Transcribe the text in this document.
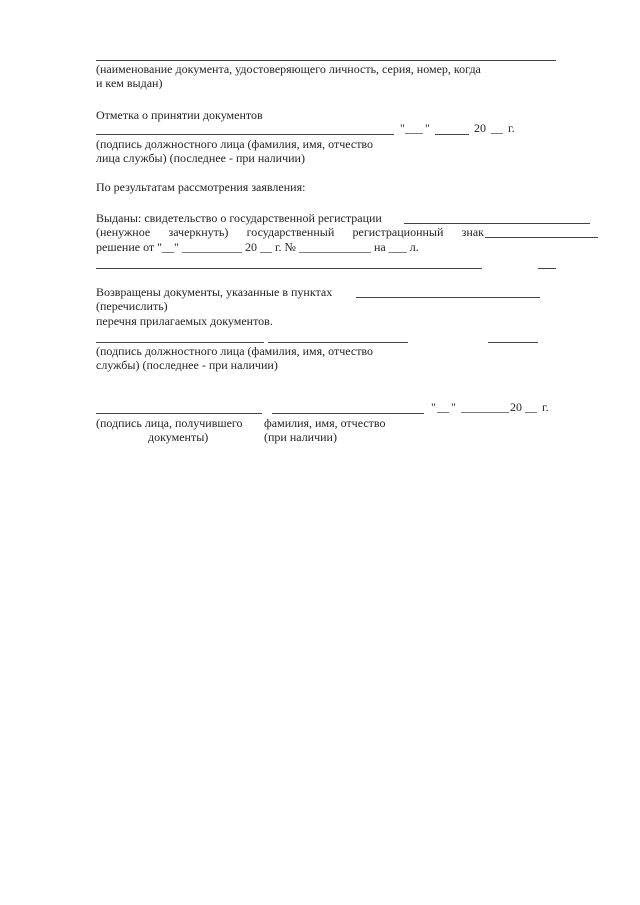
(наименование документа, удостоверяющего личность, серия, номер, когда
и кем выдан)
Отметка о принятии документов
" ___ "	20 __ г.
(подпись должностного лица (фамилия, имя, отчество
лица службы) (последнее - при наличии)
По результатам рассмотрения заявления:
Выданы: свидетельство о государственной регистрации
(ненужное зачеркнуть) государственный регистрационный знак
решение от "__" __________ 20 __ г. № ____________ на ___ л.
Возвращены документы, указанные в пунктах
(перечислить)
перечня прилагаемых документов.
(подпись должностного лица (фамилия, имя, отчество
службы) (последнее - при наличии)
" __ " ________ 20 __ г.
(подпись лица, получившего
документы)
фамилия, имя, отчество
(при наличии)
